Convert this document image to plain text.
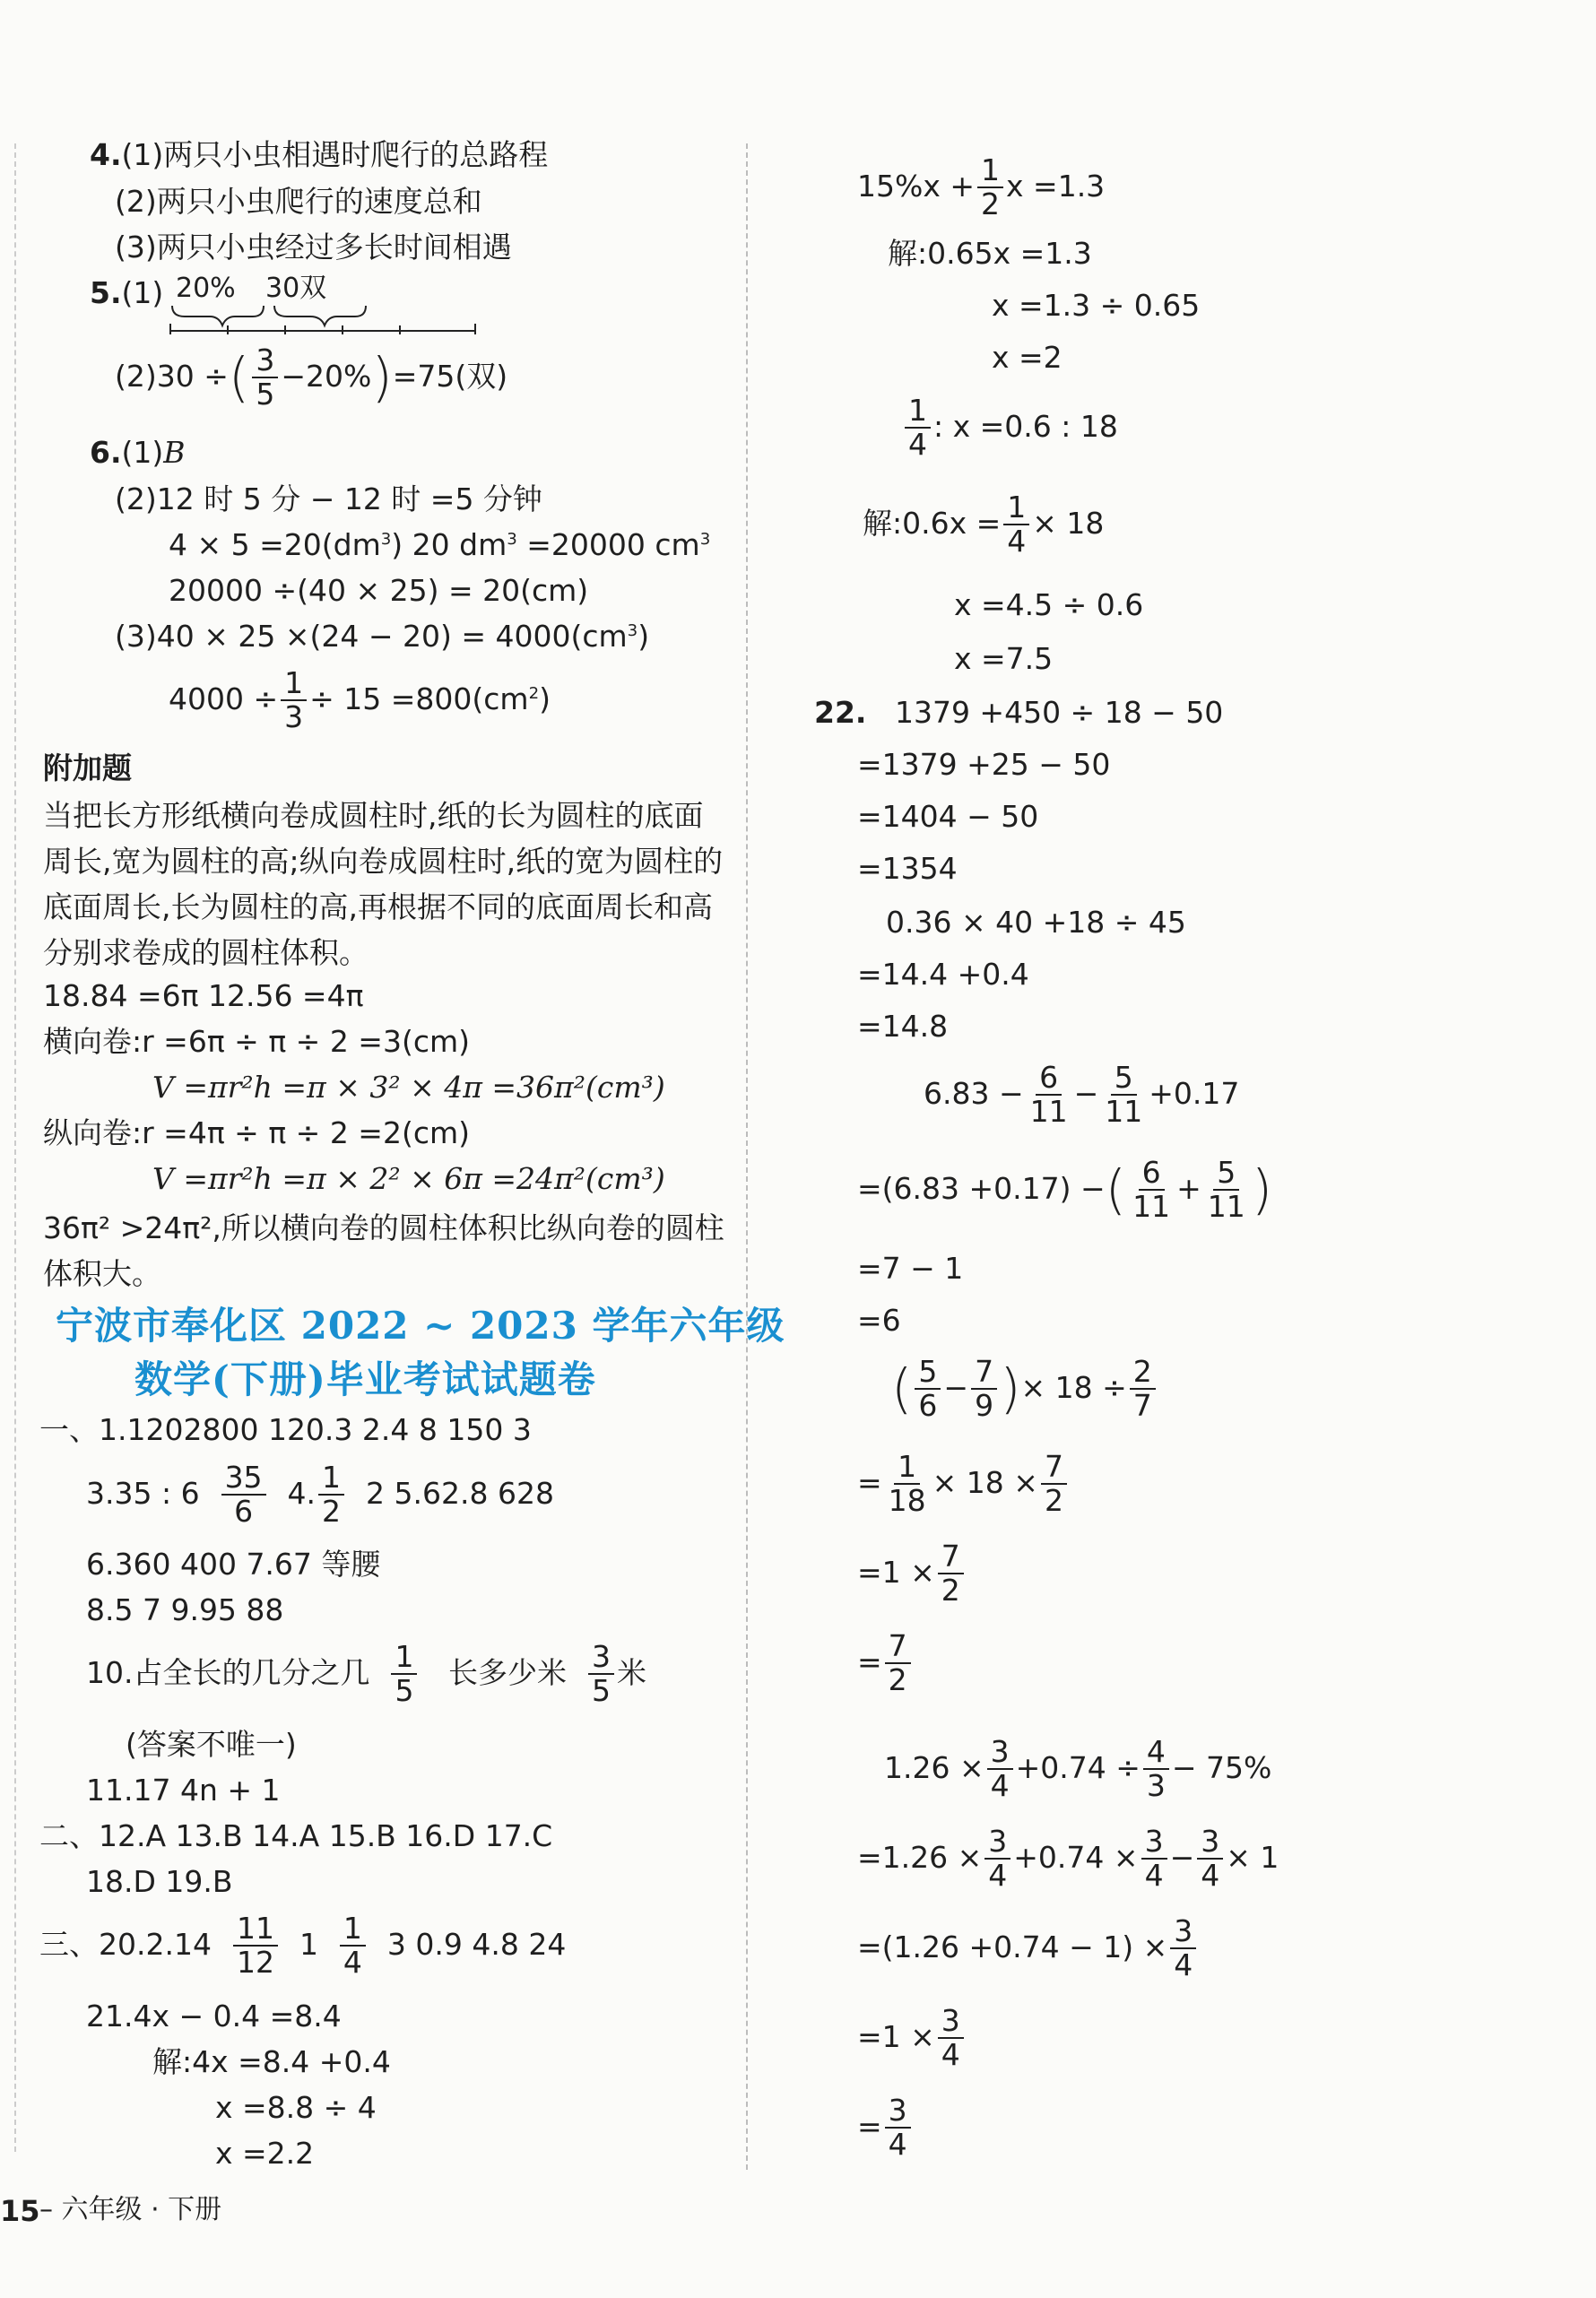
4.(1)两只小虫相遇时爬行的总路程
(2)两只小虫爬行的速度总和
(3)两只小虫经过多长时间相遇
5.(1) 20% 30双
(2)30 ÷( $\frac{3}{5} -20\%)=75$(双)
6.(1)B
(2)12 时 5 分 − 12 时 =5 分钟
$4 \times 5 =20(dm^3)$ 20 $dm^3 =20000$ $cm^3$
20000 ÷(40 × 25) = 20(cm)
$(3)40 \times 25 \times(24 - 20) = 4000(cm^3)$
$4000 \div \frac{1}{3} \div 15 =800(cm^2)$
附加题
当把长方形纸横向卷成圆柱时,纸的长为圆柱的底面周长,宽为圆柱的高;纵向卷成圆柱时,纸的宽为圆柱的底面周长,长为圆柱的高,再根据不同的底面周长和高分别求卷成的圆柱体积。
18.84 =6π 12.56 =4π
横向卷:r =6π ÷ π ÷ 2 =3(cm)
V =πr²h =π × 3² × 4π =36π²(cm³)
纵向卷:r =4π ÷ π ÷ 2 =2(cm)
V =πr²h =π × 2² × 6π =24π²(cm³)
36π² >24π²,所以横向卷的圆柱体积比纵向卷的圆柱体积大。
宁波市奉化区 2022 ~ 2023 学年六年级
数学(下册)毕业考试试题卷
一、1.1202800 120.3 2.4 8 150 3
3.35 : $6 \frac{35}{6} 4$. $\frac{1}{2} 2$ 5.62.8 628
6.360 400 7.67 等腰
8.5 7 9.95 88
10.占全长的几分之几 $\frac{1}{5}$ 长多少米 $\frac{3}{5}$ 米
(答案不唯一)
11.17 4n + 1
二、12.A 13.B 14.A 15.B 16.D 17.C
18.D 19.B
三、$20.2.14 \frac{11}{12} 1 \frac{1}{4} 3$ 0.9 4.8 24
21.4x − 0.4 =8.4
解:4x =8.4 +0.4
x =8.8 ÷ 4
x =2.2
15 – 六年级 · 下册
$15\%x + \frac{1}{2}$ x =1.3
解:0.65x =1.3
x =1.3 ÷ 0.65
x =2
$\frac{1}{4}$ : x =0.6 : 18
解:0.6x = $\frac{1}{4} \times 18$
x =4.5 ÷ 0.6
x =7.5
22. 1379 +450 ÷ 18 − 50
=1379 +25 − 50
=1404 − 50
=1354
0.36 × 40 +18 ÷ 45
=14.4 +0.4
=14.8
$6.83 - \frac{6}{11} - \frac{5}{11} +0.17$
=(6.83 +0.17) −( $\frac{6}{11} + \frac{5}{11}$ )
=7 − 1
=6
( $\frac{5}{6} - \frac{7}{9}$ )× $18 \div \frac{2}{7}$
= $\frac{1}{18} \times 18 \times \frac{7}{2}$
$=1 \times \frac{7}{2}$
= $\frac{7}{2}$
$1.26 \times \frac{3}{4} +0.74 \div \frac{4}{3} - 75\%$
$=1.26 \times \frac{3}{4} +0.74 \times \frac{3}{4} - \frac{3}{4} \times 1$
$=(1.26 +0.74 - 1) \times \frac{3}{4}$
$=1 \times \frac{3}{4}$
= $\frac{3}{4}$
